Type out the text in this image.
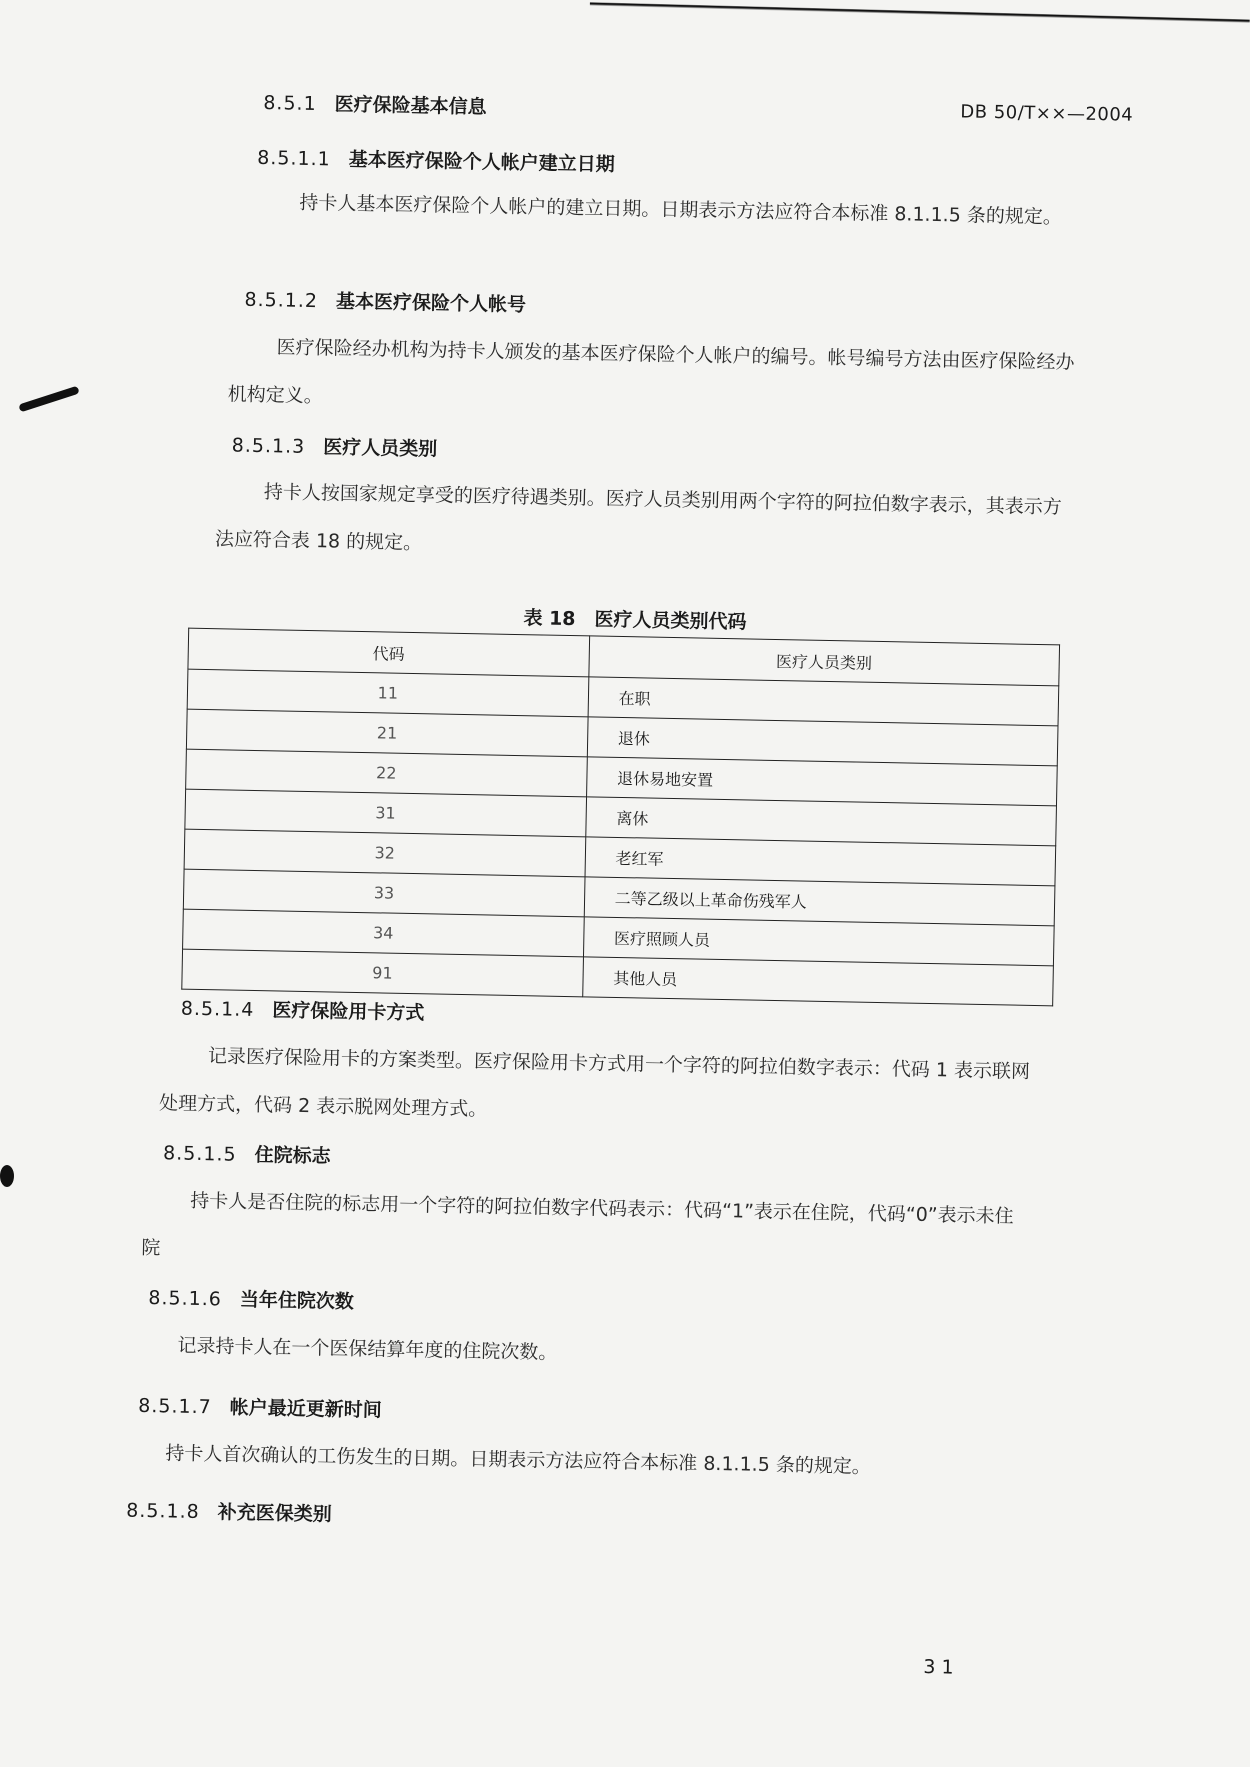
DB 50/T××—2004
8.5.1 医疗保险基本信息
8.5.1.1 基本医疗保险个人帐户建立日期
持卡人基本医疗保险个人帐户的建立日期。日期表示方法应符合本标准 8.1.1.5 条的规定。
8.5.1.2 基本医疗保险个人帐号
医疗保险经办机构为持卡人颁发的基本医疗保险个人帐户的编号。帐号编号方法由医疗保险经办机构定义。
8.5.1.3 医疗人员类别
持卡人按国家规定享受的医疗待遇类别。医疗人员类别用两个字符的阿拉伯数字表示，其表示方法应符合表 18 的规定。
表 18　医疗人员类别代码
代码	医疗人员类别
11	在职
21	退休
22	退休易地安置
31	离休
32	老红军
33	二等乙级以上革命伤残军人
34	医疗照顾人员
91	其他人员
8.5.1.4 医疗保险用卡方式
记录医疗保险用卡的方案类型。医疗保险用卡方式用一个字符的阿拉伯数字表示：代码 1 表示联网处理方式，代码 2 表示脱网处理方式。
8.5.1.5 住院标志
持卡人是否住院的标志用一个字符的阿拉伯数字代码表示：代码“1”表示在住院，代码“0”表示未住院
8.5.1.6 当年住院次数
记录持卡人在一个医保结算年度的住院次数。
8.5.1.7 帐户最近更新时间
持卡人首次确认的工伤发生的日期。日期表示方法应符合本标准 8.1.1.5 条的规定。
8.5.1.8 补充医保类别
31
